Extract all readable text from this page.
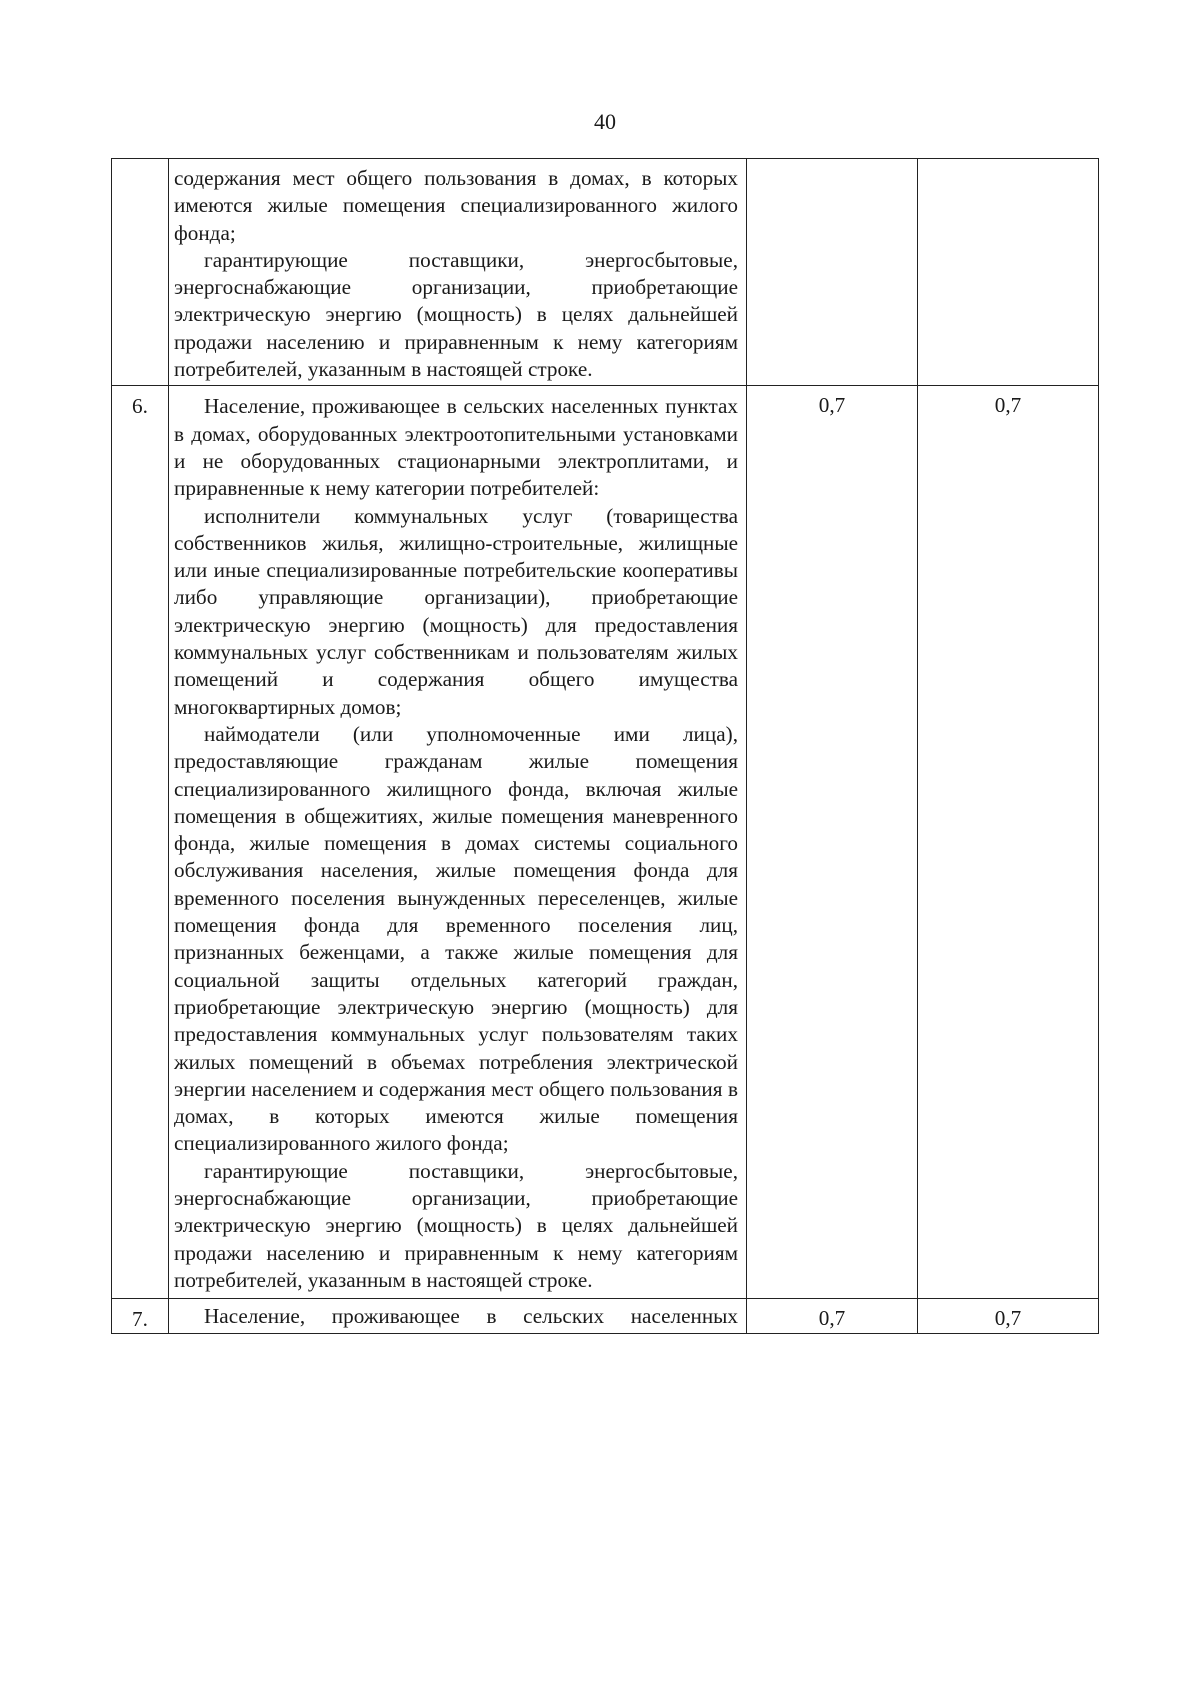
40

	содержания мест общего пользования в домах, в которых имеются жилые помещения специализированного жилого фонда;

гарантирующие поставщики, энергосбытовые, энергоснабжающие организации, приобретающие электрическую энергию (мощность) в целях дальнейшей продажи населению и приравненным к нему категориям потребителей, указанным в настоящей строке.		

6.	Население, проживающее в сельских населенных пунктах в домах, оборудованных электроотопительными установками и не оборудованных стационарными электроплитами, и приравненные к нему категории потребителей:

исполнители коммунальных услуг (товарищества собственников жилья, жилищно-строительные, жилищные или иные специализированные потребительские кооперативы либо управляющие организации), приобретающие электрическую энергию (мощность) для предоставления коммунальных услуг собственникам и пользователям жилых помещений и содержания общего имущества многоквартирных домов;

наймодатели (или уполномоченные ими лица), предоставляющие гражданам жилые помещения специализированного жилищного фонда, включая жилые помещения в общежитиях, жилые помещения маневренного фонда, жилые помещения в домах системы социального обслуживания населения, жилые помещения фонда для временного поселения вынужденных переселенцев, жилые помещения фонда для временного поселения лиц, признанных беженцами, а также жилые помещения для социальной защиты отдельных категорий граждан, приобретающие электрическую энергию (мощность) для предоставления коммунальных услуг пользователям таких жилых помещений в объемах потребления электрической энергии населением и содержания мест общего пользования в домах, в которых имеются жилые помещения специализированного жилого фонда;

гарантирующие поставщики, энергосбытовые, энергоснабжающие организации, приобретающие электрическую энергию (мощность) в целях дальнейшей продажи населению и приравненным к нему категориям потребителей, указанным в настоящей строке.	0,7	0,7
7.	Население, проживающее в сельских населенных	0,7	0,7
